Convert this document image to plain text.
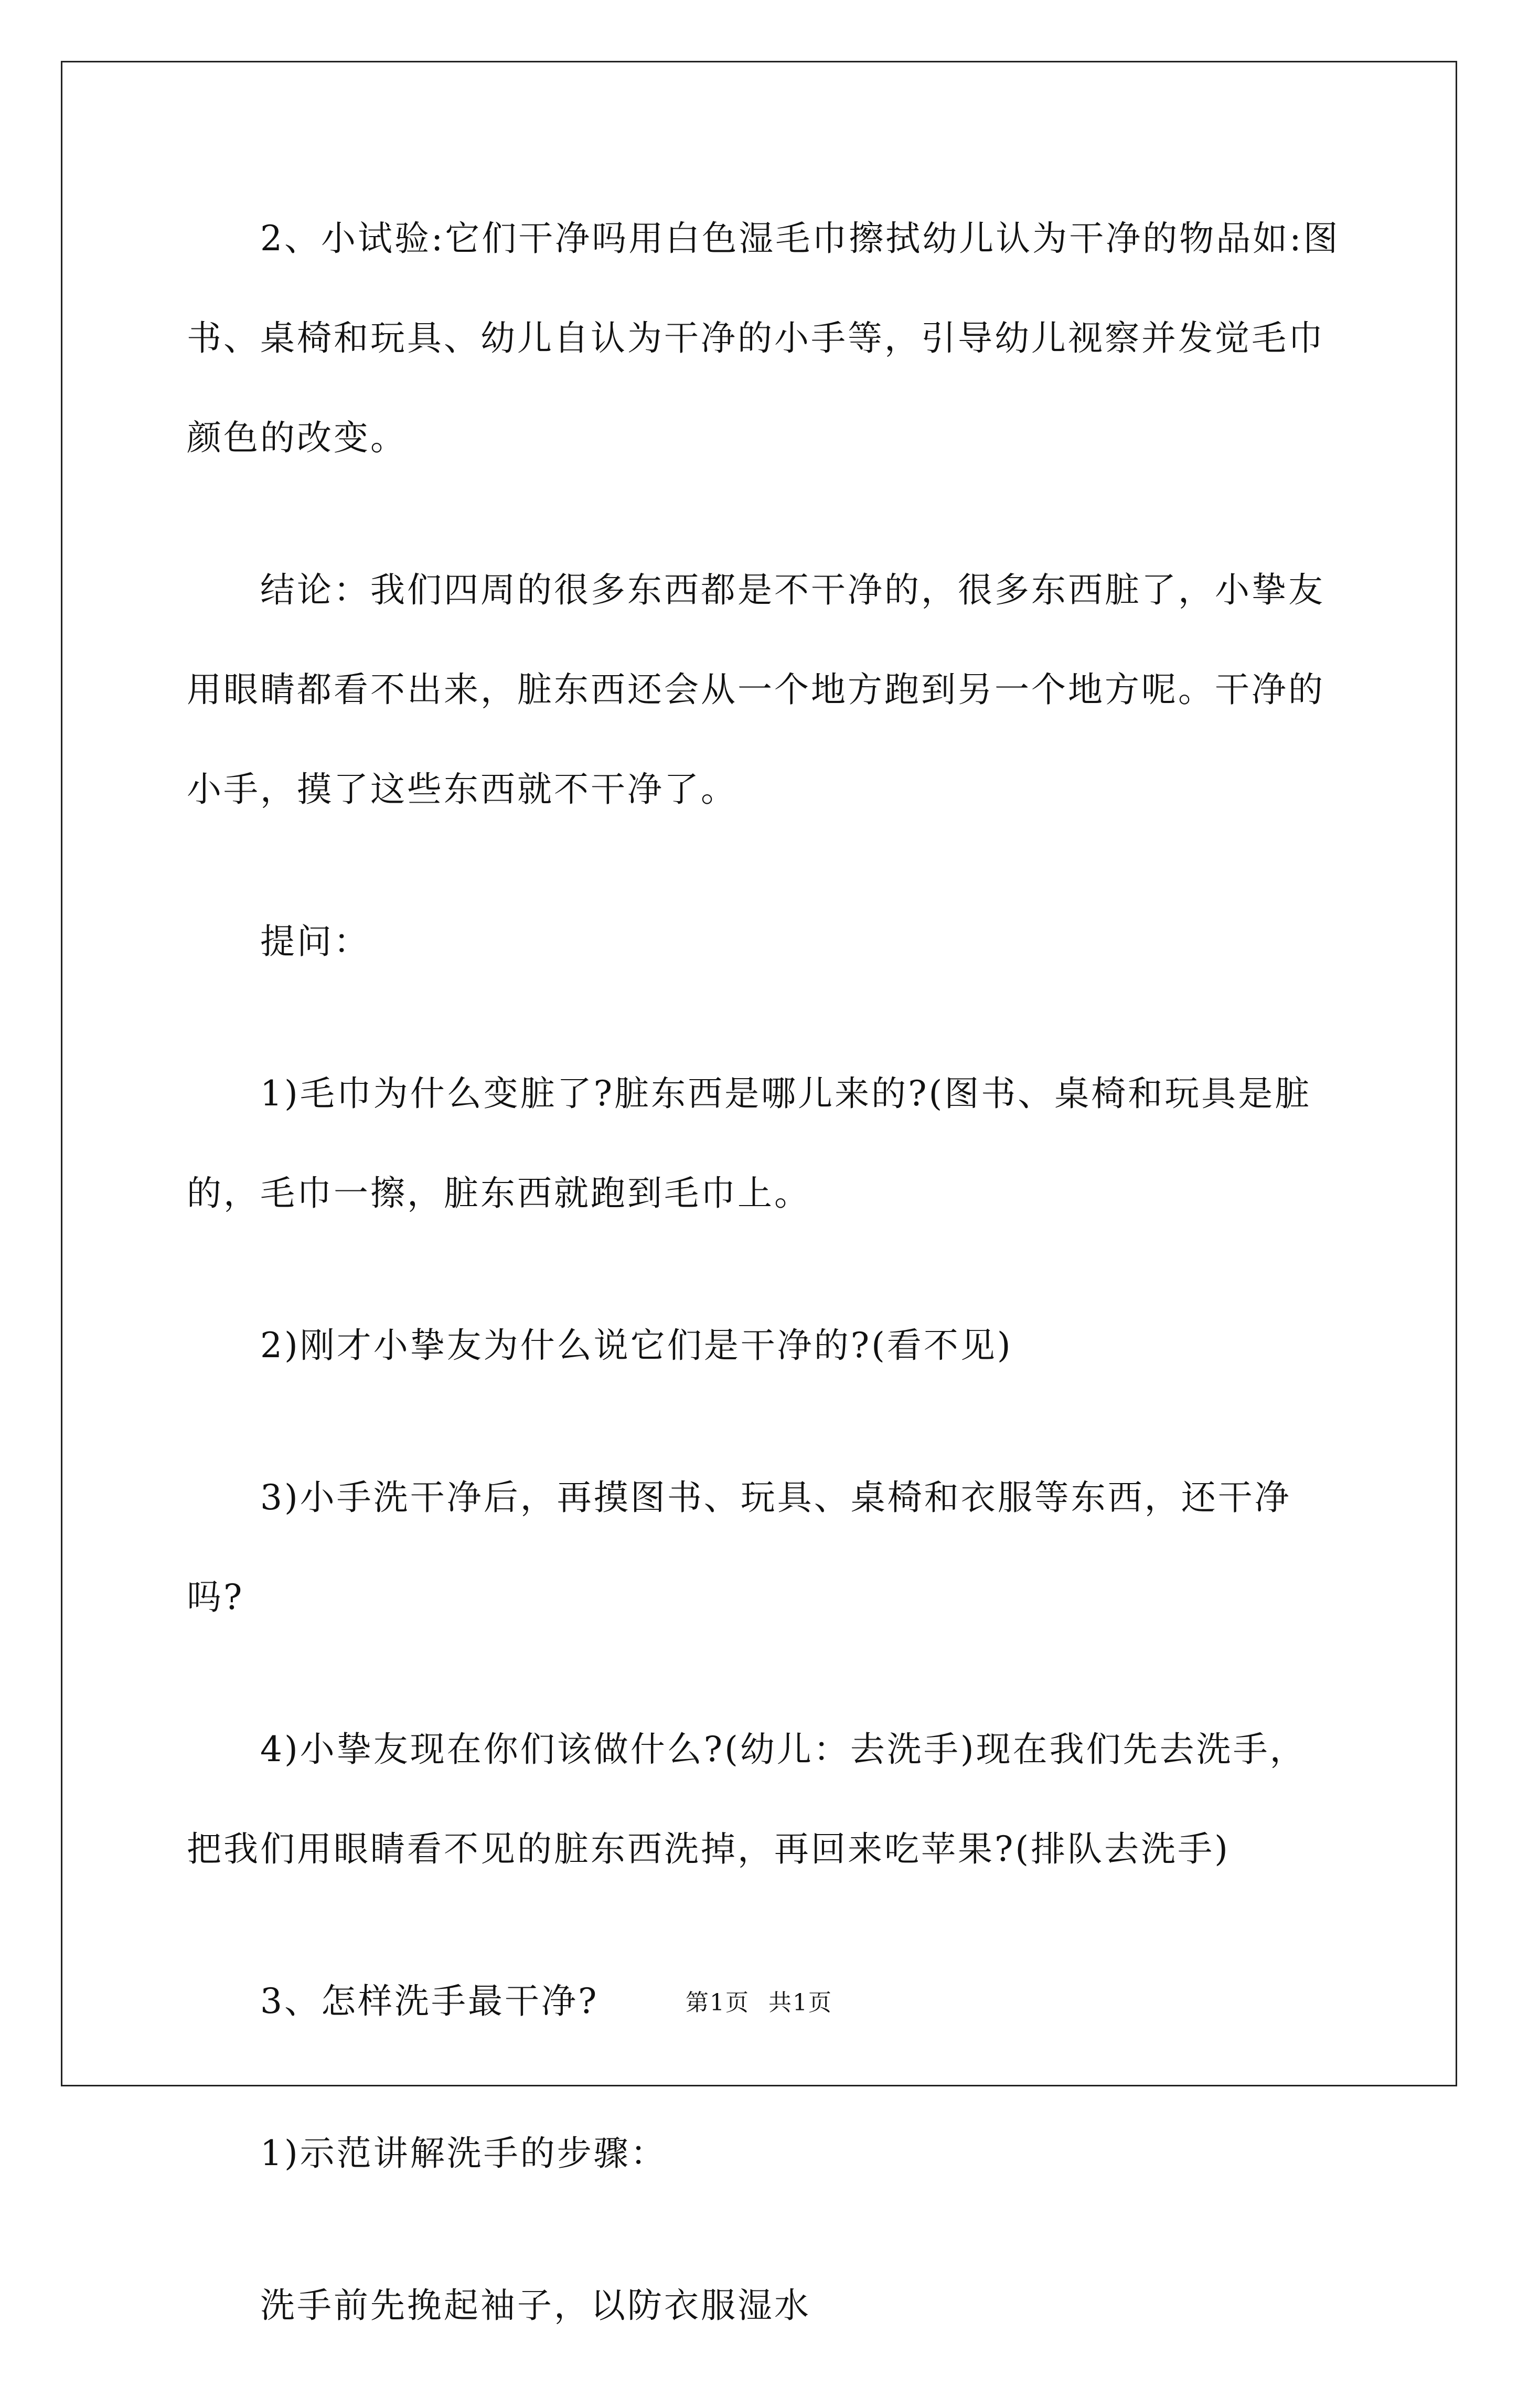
2、小试验:它们干净吗用白色湿毛巾擦拭幼儿认为干净的物品如:图书、桌椅和玩具、幼儿自认为干净的小手等，引导幼儿视察并发觉毛巾颜色的改变。

结论：我们四周的很多东西都是不干净的，很多东西脏了，小挚友用眼睛都看不出来，脏东西还会从一个地方跑到另一个地方呢。干净的小手，摸了这些东西就不干净了。

提问：

1)毛巾为什么变脏了?脏东西是哪儿来的?(图书、桌椅和玩具是脏的，毛巾一擦，脏东西就跑到毛巾上。

2)刚才小挚友为什么说它们是干净的?(看不见)

3)小手洗干净后，再摸图书、玩具、桌椅和衣服等东西，还干净吗?

4)小挚友现在你们该做什么?(幼儿：去洗手)现在我们先去洗手，把我们用眼睛看不见的脏东西洗掉，再回来吃苹果?(排队去洗手)

3、怎样洗手最干净?

1)示范讲解洗手的步骤：

洗手前先挽起袖子，以防衣服湿水

第1页 共1页
